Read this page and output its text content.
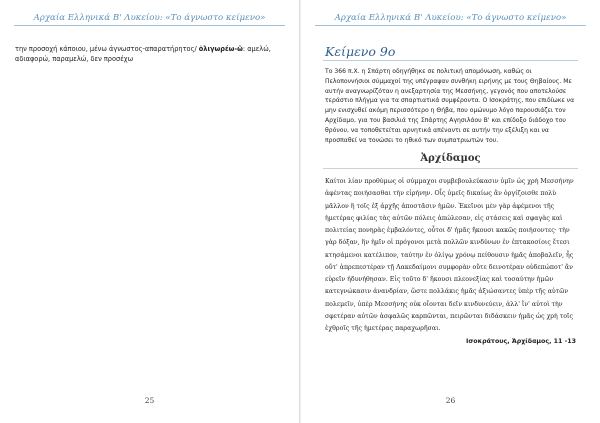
Αρχαία Ελληνικά Β' Λυκείου: «Το άγνωστο κείμενο»
την προσοχή κάποιου, μένω άγνωστος-απαρατήρητος/ ὀλιγωρέω-ῶ: αμελώ, αδιαφορώ, παραμελώ, δεν προσέχω
25
Αρχαία Ελληνικά Β' Λυκείου: «Το άγνωστο κείμενο»
Κείμενο 9ο
Το 366 π.Χ. η Σπάρτη οδηγήθηκε σε πολιτική απομόνωση, καθώς οι Πελοποννήσιοι σύμμαχοί της υπέγραψαν συνθήκη ειρήνης με τους Θηβαίους. Με αυτήν αναγνωρίζόταν η ανεξαρτησία της Μεσσήνης, γεγονός που αποτελούσε τεράστιο πλήγμα για τα σπαρτιατικά συμφέροντα. Ο Ισοκράτης, που επιδίωκε να μην ενισχυθεί ακόμη περισσότερο η Θήβα, που ομώνυμο λόγο παρουσιάζει τον Αρχίδαμο, για του βασιλιά της Σπάρτης Αγησιλάου Β' και επίδοξο διάδοχο του θρόνου, να τοποθετείται αρνητικά απέναντι σε αυτήν την εξέλιξη και να προσπαθεί να τονώσει το ηθικό των συμπατριωτών του.
Ἀρχίδαμος

Καίτοι λίαν προθύμως οἱ σύμμαχοι συμβεβουλεύκασιν ὑμῖν ὡς χρὴ Μεσσήνην ἀφέντας ποιήσασθαι τὴν εἰρήνην. Οἷς ὑμεῖς δικαίως ἂν ὀργίζοισθε πολὺ μᾶλλον ἢ τοῖς ἐξ ἀρχῆς ἀποστᾶσιν ἡμῶν. Ἐκεῖνοι μὲν γὰρ ἀφέμενοι τῆς ἡμετέρας φιλίας τὰς αὑτῶν πόλεις ἀπώλεσαν, εἰς στάσεις καὶ σφαγὰς καὶ πολιτείας πονηρὰς ἐμβαλόντες, οὗτοι δ' ἡμᾶς ἥκουσι κακῶς ποιήσοντες· τὴν γὰρ δόξαν, ἣν ἡμῖν οἱ πρόγονοι μετὰ πολλῶν κινδύνων ἐν ἑπτακοσίοις ἔτεσι κτησάμενοι κατέλιπον, ταύτην ἐν ὀλίγῳ χρόνῳ πείθουσιν ἡμᾶς ἀποβαλεῖν, ἧς οὔτ' ἀπρεπεστέραν τῇ Λακεδαίμονι συμφορὰν οὔτε δεινοτέραν οὐδεπώποτ' ἂν εὑρεῖν ἠδυνήθησαν. Εἰς τοῦτο δ' ἥκουσι πλεονεξίας καὶ τοσαύτην ἡμῶν κατεγνώκασιν ἀνανδρίαν, ὥστε πολλάκις ἡμᾶς ἀξιώσαντες ὑπὲρ τῆς αὑτῶν πολεμεῖν, ὑπὲρ Μεσσήνης οὐκ οἴονται δεῖν κινδυνεύειν, ἀλλ' ἵν' αὐτοὶ τὴν σφετέραν αὐτῶν ἀσφαλῶς καρπῶνται, πειρῶνται διδάσκειν ἡμᾶς ὡς χρὴ τοῖς ἐχθροῖς τῆς ἡμετέρας παραχωρῆσαι.

Ισοκράτους, Ἀρχίδαμος, 11 -13
26
